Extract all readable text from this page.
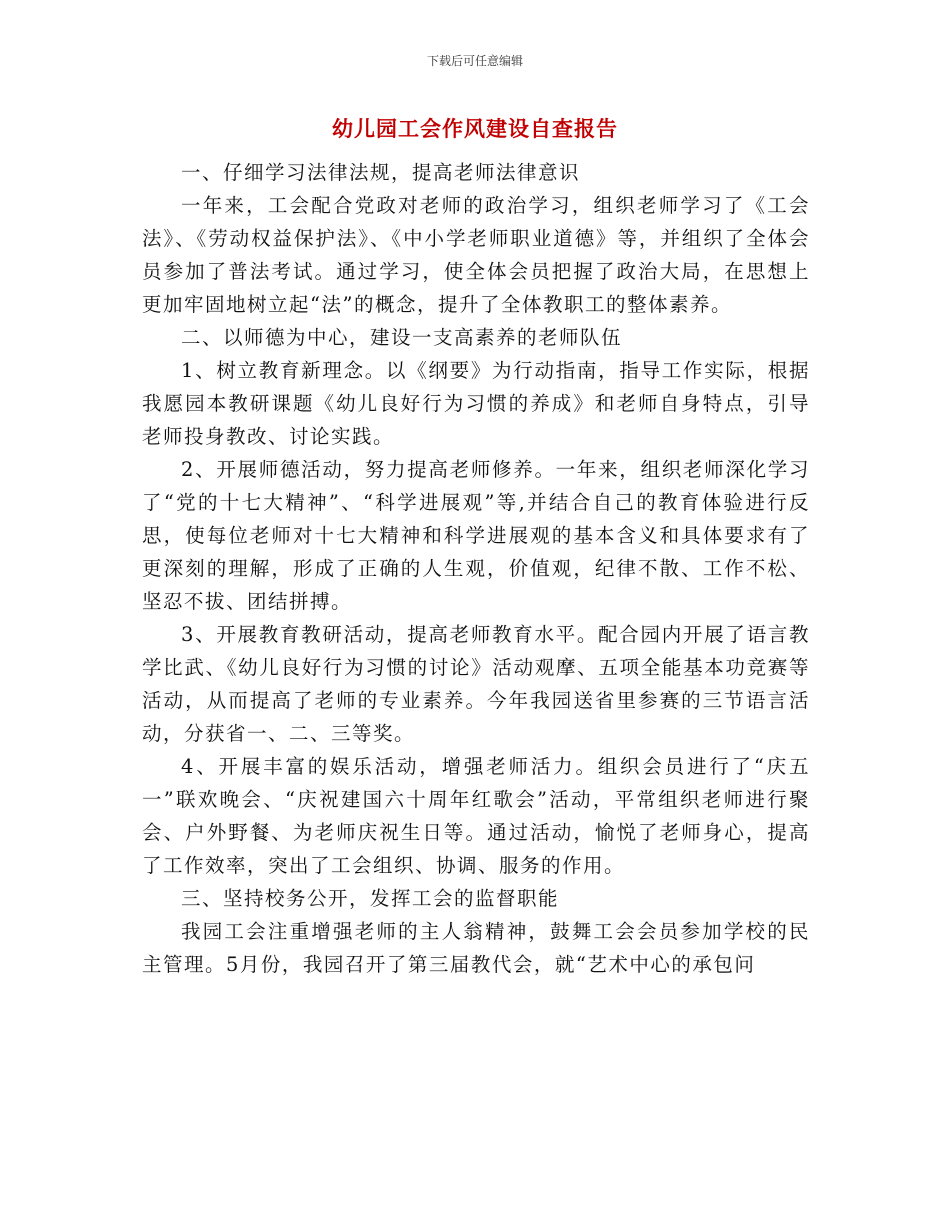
下载后可任意编辑
幼儿园工会作风建设自查报告

一、仔细学习法律法规，提高老师法律意识

一年来，工会配合党政对老师的政治学习，组织老师学习了《工会法》、《劳动权益保护法》、《中小学老师职业道德》等，并组织了全体会员参加了普法考试。通过学习，使全体会员把握了政治大局，在思想上更加牢固地树立起“法”的概念，提升了全体教职工的整体素养。

二、以师德为中心，建设一支高素养的老师队伍

1、树立教育新理念。以《纲要》为行动指南，指导工作实际，根据我愿园本教研课题《幼儿良好行为习惯的养成》和老师自身特点，引导老师投身教改、讨论实践。

2、开展师德活动，努力提高老师修养。一年来，组织老师深化学习了“党的十七大精神”、“科学进展观”等,并结合自己的教育体验进行反思，使每位老师对十七大精神和科学进展观的基本含义和具体要求有了更深刻的理解，形成了正确的人生观，价值观，纪律不散、工作不松、坚忍不拔、团结拼搏。

3、开展教育教研活动，提高老师教育水平。配合园内开展了语言教学比武、《幼儿良好行为习惯的讨论》活动观摩、五项全能基本功竞赛等活动，从而提高了老师的专业素养。今年我园送省里参赛的三节语言活动，分获省一、二、三等奖。

4、开展丰富的娱乐活动，增强老师活力。组织会员进行了“庆五一”联欢晚会、“庆祝建国六十周年红歌会”活动，平常组织老师进行聚会、户外野餐、为老师庆祝生日等。通过活动，愉悦了老师身心，提高了工作效率，突出了工会组织、协调、服务的作用。

三、坚持校务公开，发挥工会的监督职能

我园工会注重增强老师的主人翁精神，鼓舞工会会员参加学校的民主管理。5月份，我园召开了第三届教代会，就“艺术中心的承包问
